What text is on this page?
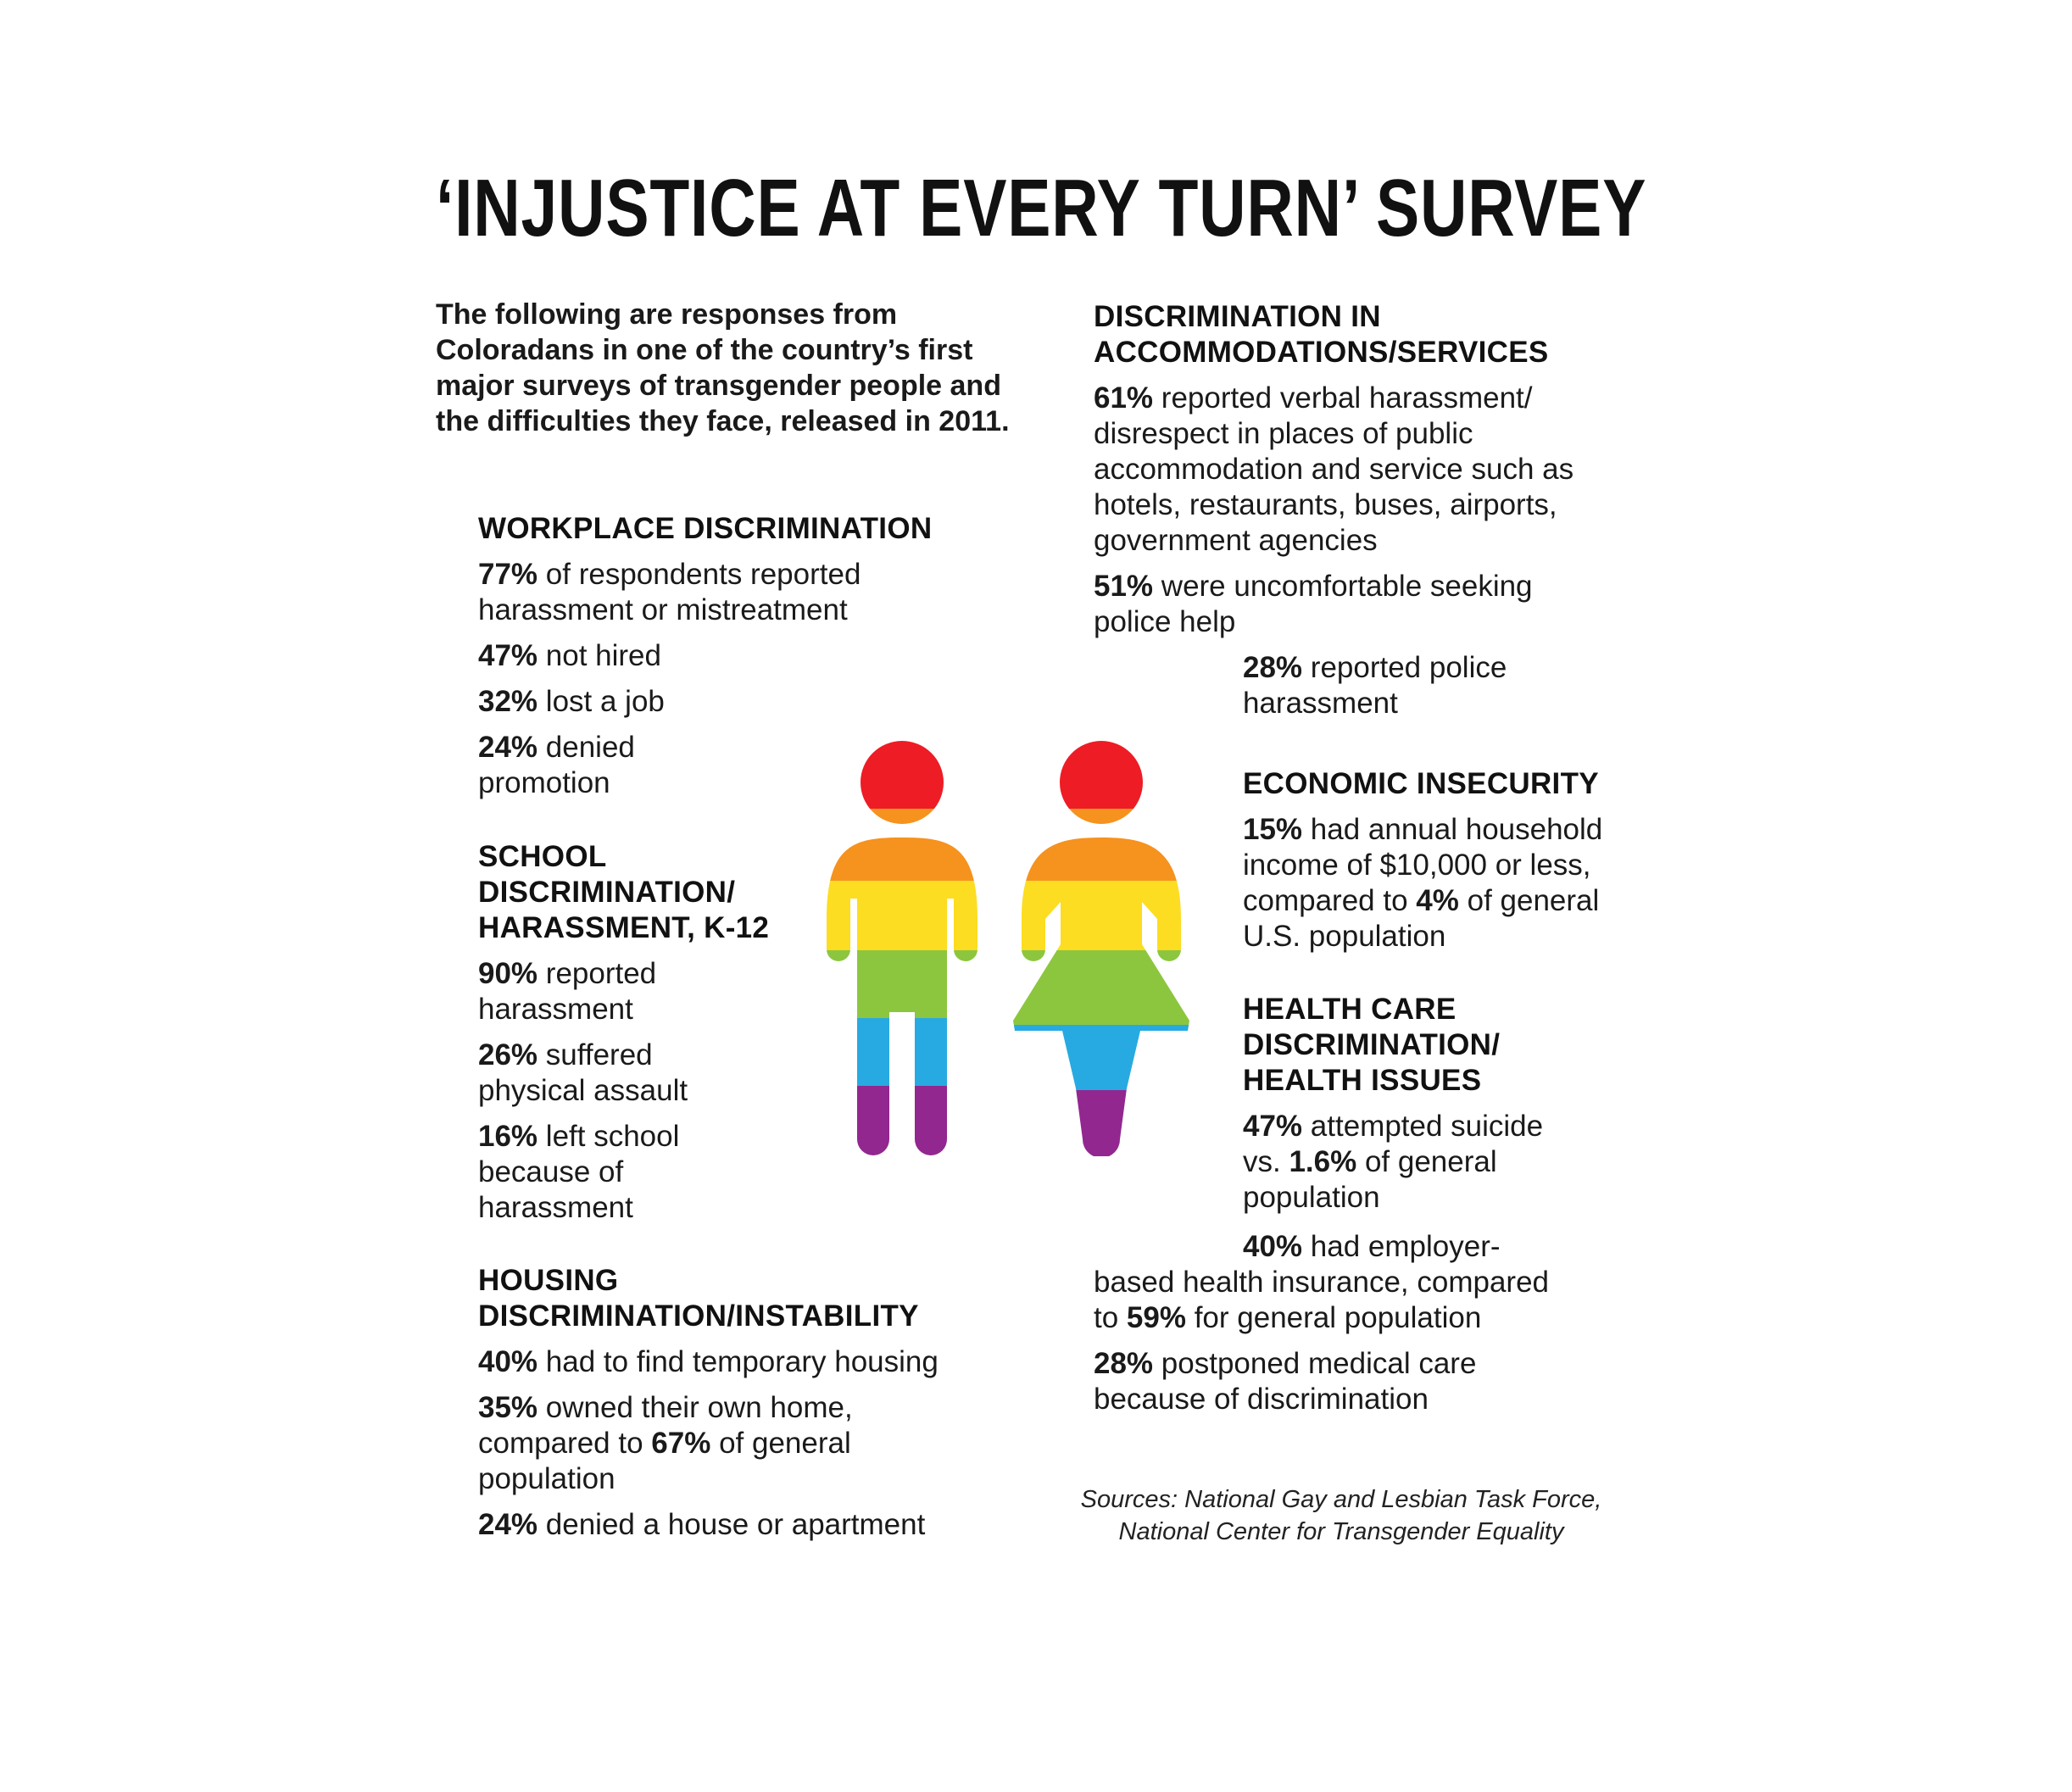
‘INJUSTICE AT EVERY TURN’ SURVEY
The following are responses from Coloradans in one of the country’s first major surveys of transgender people and the difficulties they face, released in 2011.
WORKPLACE DISCRIMINATION
77% of respondents reported harassment or mistreatment
47% not hired
32% lost a job
24% denied promotion
SCHOOL DISCRIMINATION/ HARASSMENT, K-12
90% reported harassment
26% suffered physical assault
16% left school because of harassment
HOUSING DISCRIMINATION/INSTABILITY
40% had to find temporary housing
35% owned their own home, compared to 67% of general population
24% denied a house or apartment
DISCRIMINATION IN ACCOMMODATIONS/SERVICES
61% reported verbal harassment/ disrespect in places of public accommodation and service such as hotels, restaurants, buses, airports, government agencies
51% were uncomfortable seeking police help
28% reported police harassment
ECONOMIC INSECURITY
15% had annual household income of $10,000 or less, compared to 4% of general U.S. population
HEALTH CARE DISCRIMINATION/ HEALTH ISSUES
47% attempted suicide vs. 1.6% of general population
40% had employer-based health insurance, compared to 59% for general population
28% postponed medical care because of discrimination
Sources: National Gay and Lesbian Task Force, National Center for Transgender Equality
